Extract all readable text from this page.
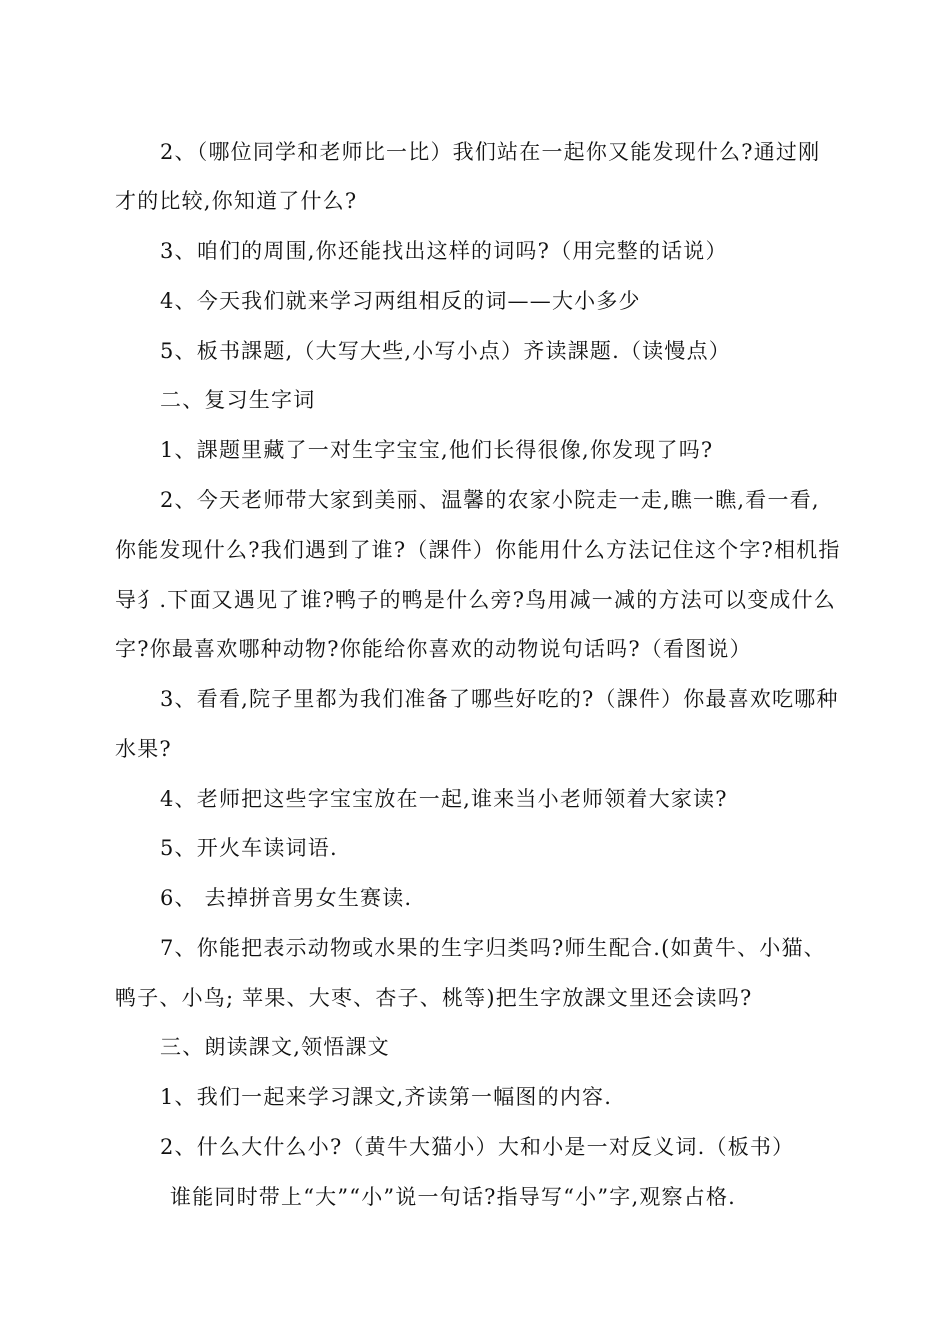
2、（哪位同学和老师比一比）我们站在一起你又能发现什么?通过刚
才的比较,你知道了什么?
3、咱们的周围,你还能找出这样的词吗?（用完整的话说）
4、今天我们就来学习两组相反的词——大小多少
5、板书課题,（大写大些,小写小点）齐读課题.（读慢点）
二、复习生字词
1、課题里藏了一对生字宝宝,他们长得很像,你发现了吗?
2、今天老师带大家到美丽、温馨的农家小院走一走,瞧一瞧,看一看,
你能发现什么?我们遇到了谁?（課件）你能用什么方法记住这个字?相机指
导犭.下面又遇见了谁?鸭子的鸭是什么旁?鸟用减一减的方法可以变成什么
字?你最喜欢哪种动物?你能给你喜欢的动物说句话吗?（看图说）
3、看看,院子里都为我们准备了哪些好吃的?（課件）你最喜欢吃哪种
水果?
4、老师把这些字宝宝放在一起,谁来当小老师领着大家读?
5、开火车读词语.
6、 去掉拼音男女生赛读.
7、你能把表示动物或水果的生字归类吗?师生配合.(如黄牛、小猫、
鸭子、小鸟; 苹果、大枣、杏子、桃等)把生字放課文里还会读吗?
三、朗读課文,领悟課文
1、我们一起来学习課文,齐读第一幅图的内容.
2、什么大什么小?（黄牛大猫小）大和小是一对反义词.（板书）
谁能同时带上“大”“小”说一句话?指导写“小”字,观察占格.
